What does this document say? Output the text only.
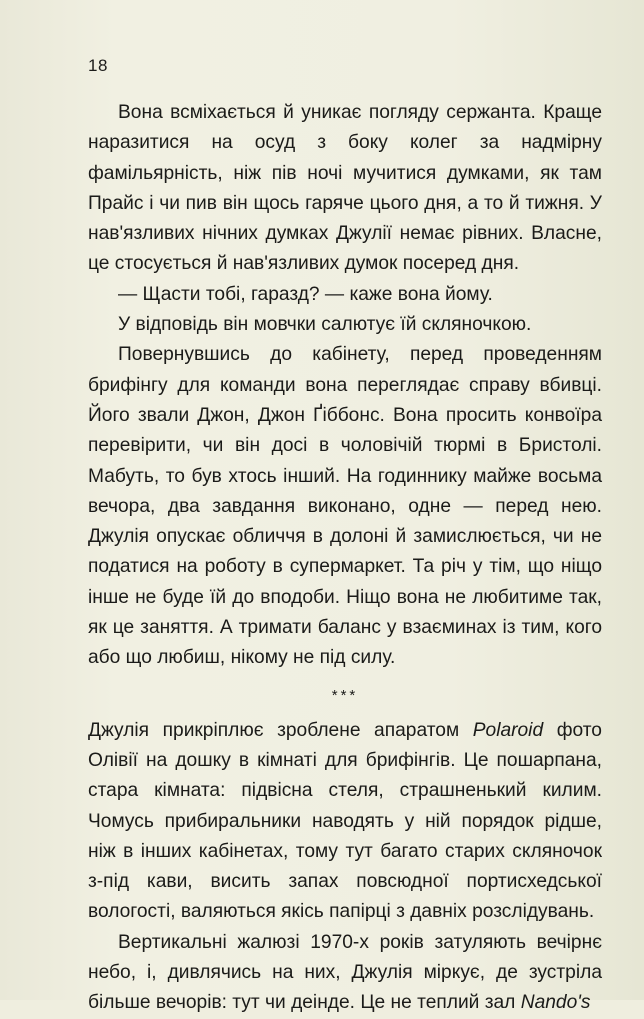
18

Вона всміхається й уникає погляду сержанта. Краще наразитися на осуд з боку колег за надмірну фамільярність, ніж пів ночі мучитися думками, як там Прайс і чи пив він щось гаряче цього дня, а то й тижня. У нав'язливих нічних думках Джулії немає рівних. Власне, це стосується й нав'язливих думок посеред дня.

— Щасти тобі, гаразд? — каже вона йому.

У відповідь він мовчки салютує їй скляночкою.

Повернувшись до кабінету, перед проведенням брифінгу для команди вона переглядає справу вбивці. Його звали Джон, Джон Ґіббонс. Вона просить конвоїра перевірити, чи він досі в чоловічій тюрмі в Бристолі. Мабуть, то був хтось інший. На годиннику майже восьма вечора, два завдання виконано, одне — перед нею. Джулія опускає обличчя в долоні й замислюється, чи не податися на роботу в супермаркет. Та річ у тім, що ніщо інше не буде їй до вподоби. Ніщо вона не любитиме так, як це заняття. А тримати баланс у взаєминах із тим, кого або що любиш, нікому не під силу.

***

Джулія прикріплює зроблене апаратом Polaroid фото Олівії на дошку в кімнаті для брифінгів. Це пошарпана, стара кімната: підвісна стеля, страшненький килим. Чомусь прибиральники наводять у ній порядок рідше, ніж в інших кабінетах, тому тут багато старих скляночок з-під кави, висить запах повсюдної портисхедської вологості, валяються якісь папірці з давніх розслідувань.

Вертикальні жалюзі 1970-х років затуляють вечірнє небо, і, дивлячись на них, Джулія міркує, де зустріла більше вечорів: тут чи деінде. Це не теплий зал Nando's
